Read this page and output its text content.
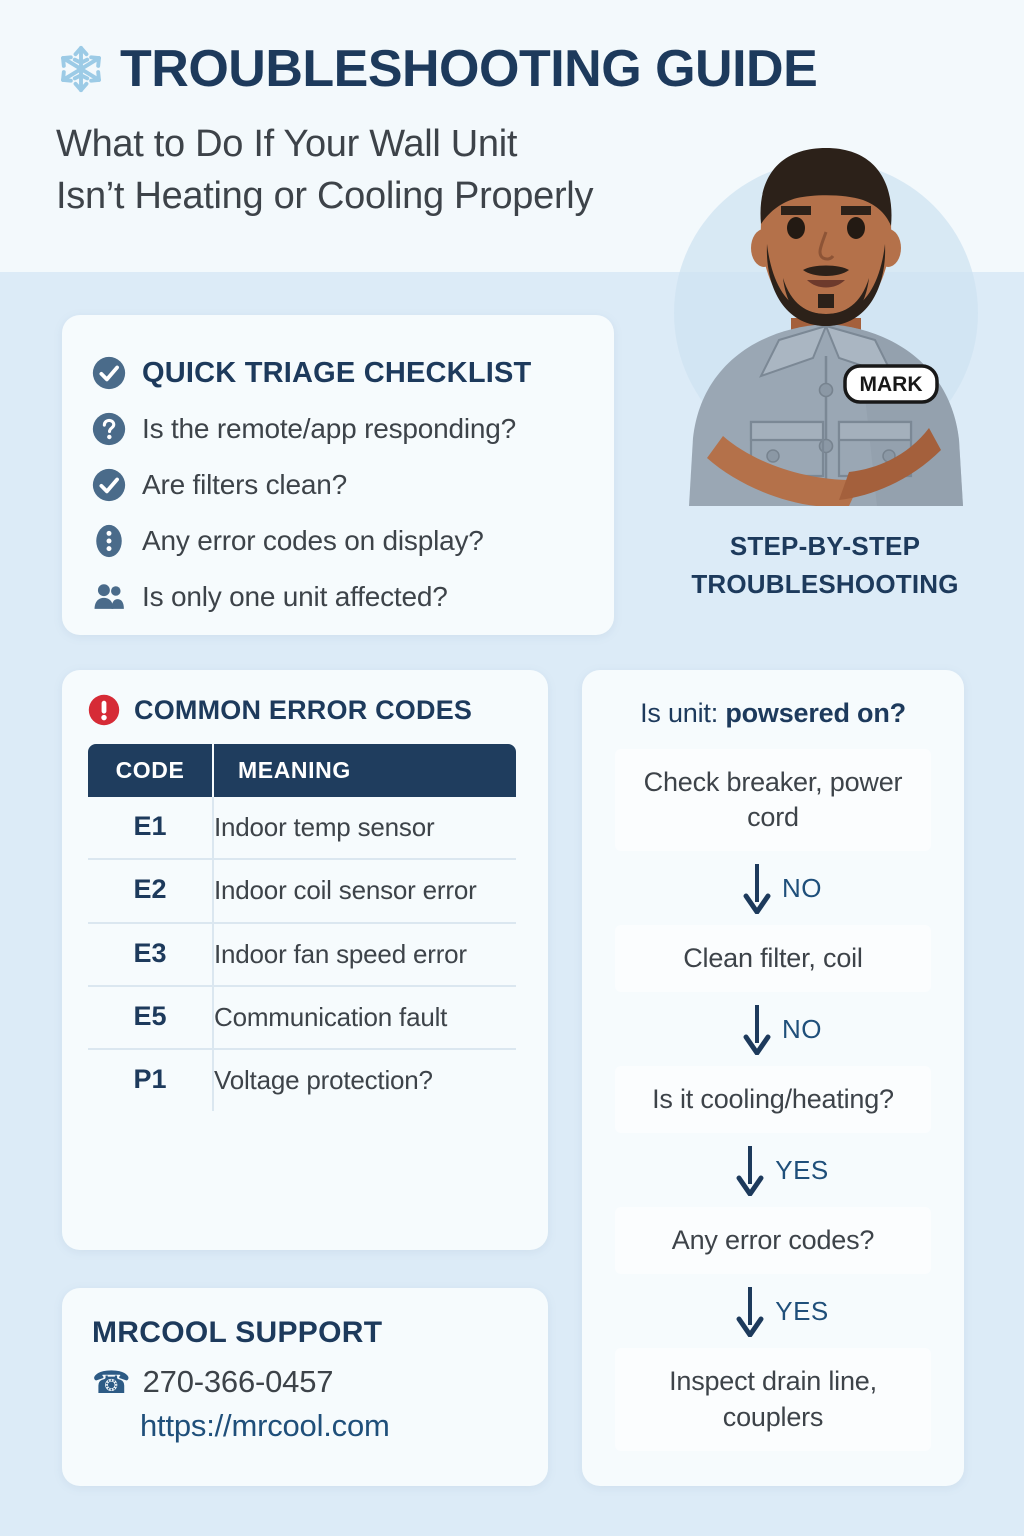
TROUBLESHOOTING GUIDE
What to Do If Your Wall Unit
Isn’t Heating or Cooling Properly
MARK
STEP-BY-STEP
TROUBLESHOOTING
QUICK TRIAGE CHECKLIST
Is the remote/app responding?
Are filters clean?
Any error codes on display?
Is only one unit affected?
COMMON ERROR CODES
CODE	MEANING
E1	Indoor temp sensor
E2	Indoor coil sensor error
E3	Indoor fan speed error
E5	Communication fault
P1	Voltage protection?
MRCOOL SUPPORT
☎ 270-366-0457
https://mrcool.com
Is unit: powsered on?
Check breaker, power cord
NO
Clean filter, coil
NO
Is it cooling/heating?
YES
Any error codes?
YES
Inspect drain line, couplers
